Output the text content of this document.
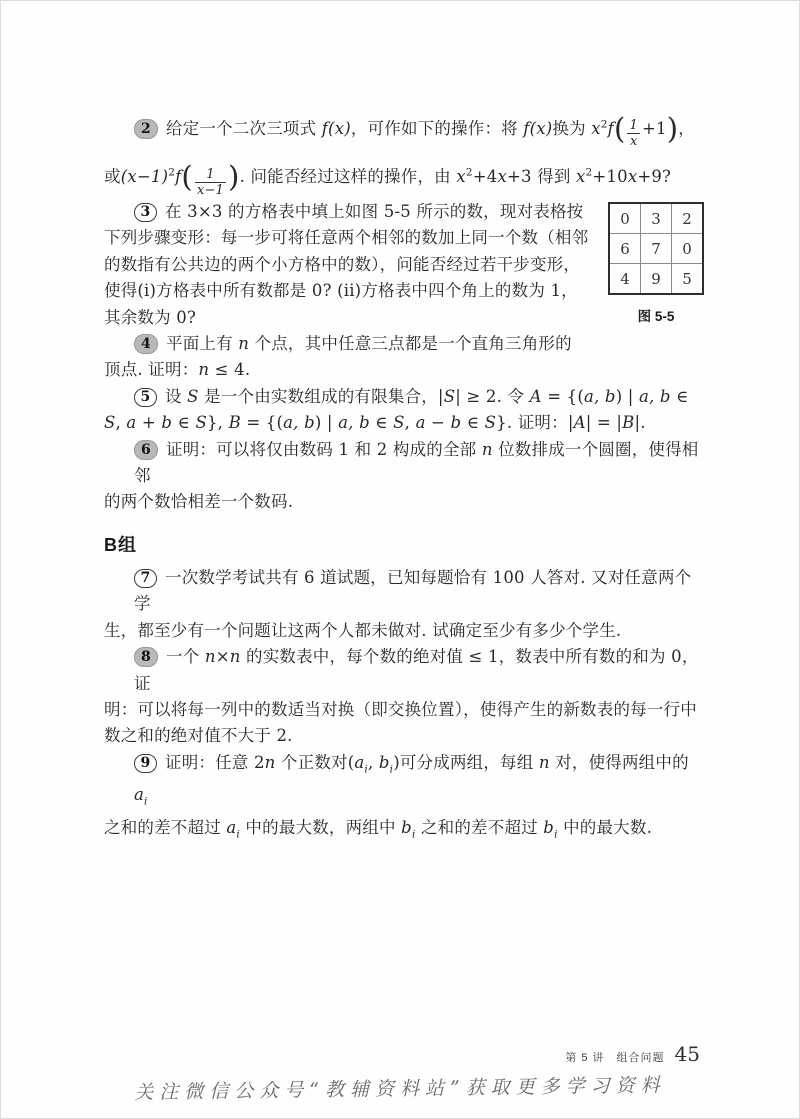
2 给定一个二次三项式 f(x)，可作如下的操作：将 f(x)换为 $x^2f( \frac{1}{x} +1)$，
或$(x-1)^2f( \frac{1}{x-1}$ ). 问能否经过这样的操作，由 $x^2+4x+3$ 得到 $x^2+10x+9$?
0	3	2
6	7	0
4	9	5
图 5-5
3 在 3×3 的方格表中填上如图 5-5 所示的数，现对表格按
下列步骤变形：每一步可将任意两个相邻的数加上同一个数（相邻
的数指有公共边的两个小方格中的数），问能否经过若干步变形，
使得(i)方格表中所有数都是 0? (ii)方格表中四个角上的数为 1，
其余数为 0?
4 平面上有 n 个点，其中任意三点都是一个直角三角形的
顶点. 证明：n ≤ 4.
5 设 S 是一个由实数组成的有限集合，|S| ≥ 2. 令 A = {(a, b) | a, b ∈
S, a + b ∈ S}, B = {(a, b) | a, b ∈ S, a − b ∈ S}. 证明：|A| = |B|.
6 证明：可以将仅由数码 1 和 2 构成的全部 n 位数排成一个圆圈，使得相邻
的两个数恰相差一个数码.
B组
7 一次数学考试共有 6 道试题，已知每题恰有 100 人答对. 又对任意两个学
生，都至少有一个问题让这两个人都未做对. 试确定至少有多少个学生.
8 一个 n×n 的实数表中，每个数的绝对值 ≤ 1，数表中所有数的和为 0，证
明：可以将每一列中的数适当对换（即交换位置），使得产生的新数表的每一行中
数之和的绝对值不大于 2.
9 证明：任意 2n 个正数对($a_i$, $b_i$)可分成两组，每组 n 对，使得两组中的 $a_i$
之和的差不超过 $a_i$ 中的最大数，两组中 $b_i$ 之和的差不超过 $b_i$ 中的最大数.
第 5 讲 组合问题 45
关注微信公众号“教辅资料站”获取更多学习资料
